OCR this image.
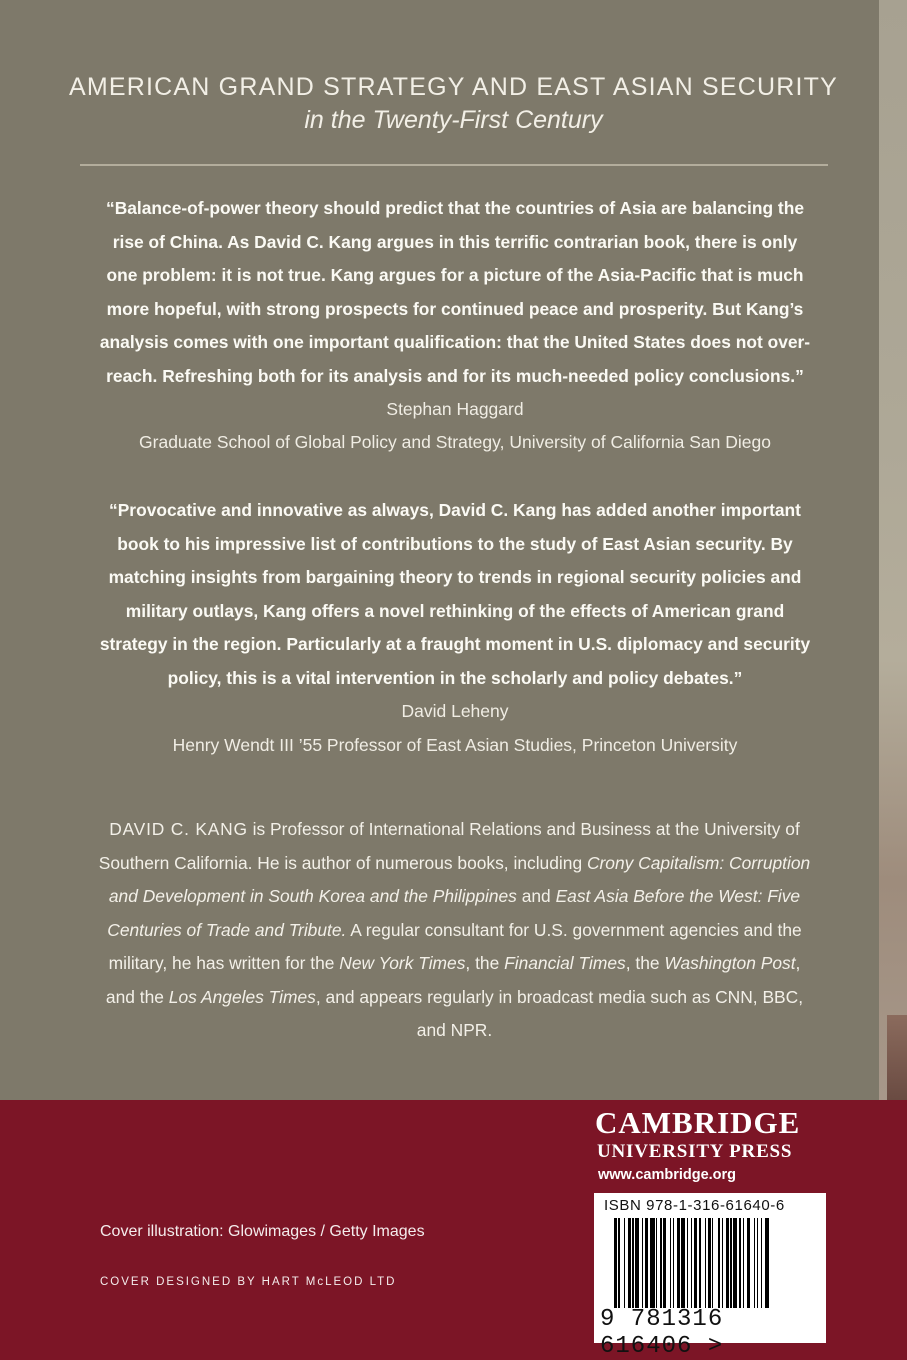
AMERICAN GRAND STRATEGY AND EAST ASIAN SECURITY
in the Twenty-First Century
“Balance-of-power theory should predict that the countries of Asia are balancing the
rise of China. As David C. Kang argues in this terrific contrarian book, there is only
one problem: it is not true. Kang argues for a picture of the Asia-Pacific that is much
more hopeful, with strong prospects for continued peace and prosperity. But Kang’s
analysis comes with one important qualification: that the United States does not over-
reach. Refreshing both for its analysis and for its much-needed policy conclusions.”
Stephan Haggard
Graduate School of Global Policy and Strategy, University of California San Diego
“Provocative and innovative as always, David C. Kang has added another important
book to his impressive list of contributions to the study of East Asian security. By
matching insights from bargaining theory to trends in regional security policies and
military outlays, Kang offers a novel rethinking of the effects of American grand
strategy in the region. Particularly at a fraught moment in U.S. diplomacy and security
policy, this is a vital intervention in the scholarly and policy debates.”
David Leheny
Henry Wendt III ’55 Professor of East Asian Studies, Princeton University
DAVID C. KANG is Professor of International Relations and Business at the University of Southern California. He is author of numerous books, including Crony Capitalism: Corruption and Development in South Korea and the Philippines and East Asia Before the West: Five Centuries of Trade and Tribute. A regular consultant for U.S. government agencies and the military, he has written for the New York Times, the Financial Times, the Washington Post, and the Los Angeles Times, and appears regularly in broadcast media such as CNN, BBC, and NPR.
CAMBRIDGE
UNIVERSITY PRESS
www.cambridge.org
Cover illustration: Glowimages / Getty Images
COVER DESIGNED BY HART McLEOD LTD
ISBN 978-1-316-61640-6
9 781316 616406 >
